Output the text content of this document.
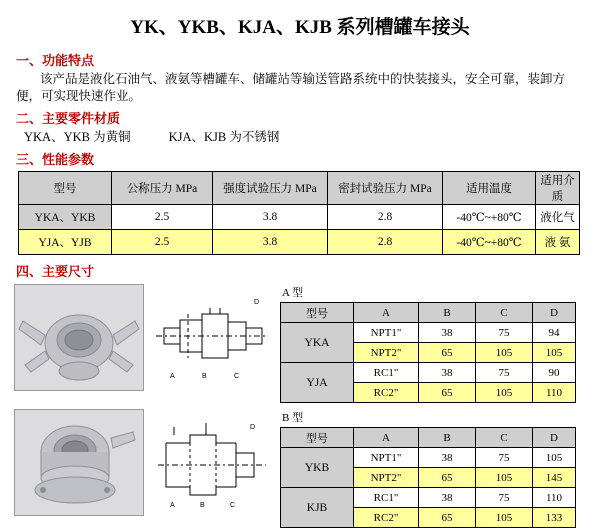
YK、YKB、KJA、KJB 系列槽罐车接头
一、功能特点
该产品是液化石油气、液氨等槽罐车、储罐站等输送管路系统中的快装接头，安全可靠，装卸方便，可实现快速作业。
二、主要零件材质
YKA、YKB 为黄铜	KJA、KJB 为不锈钢
三、性能参数
型号	公称压力 MPa	强度试验压力 MPa	密封试验压力 MPa	适用温度	适用介质
YKA、YKB	2.5	3.8	2.8	-40℃~+80℃	液化气
YJA、YJB	2.5	3.8	2.8	-40℃~+80℃	液 氨
四、主要尺寸
A	B	C
D
A 型
型号	A	B	C	D
YKA	NPT1"	38	75	94
	NPT2"	65	105	105
YJA	RC1"	38	75	90
	RC2"	65	105	110
A	B	C
D
B 型
型号	A	B	C	D
YKB	NPT1"	38	75	105
	NPT2"	65	105	145
KJB	RC1"	38	75	110
	RC2"	65	105	133
